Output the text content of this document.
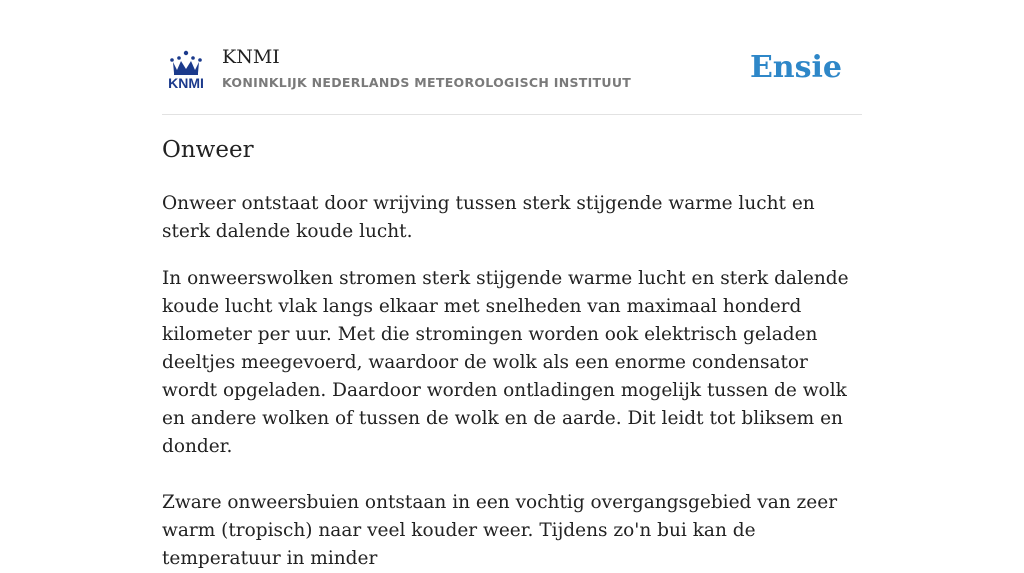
KNMI
KNMI
KONINKLIJK NEDERLANDS METEOROLOGISCH INSTITUUT	Ensie
Onweer

Onweer ontstaat door wrijving tussen sterk stijgende warme lucht en sterk dalende koude lucht.

In onweerswolken stromen sterk stijgende warme lucht en sterk dalende koude lucht vlak langs elkaar met snelheden van maximaal honderd kilometer per uur. Met die stromingen worden ook elektrisch geladen deeltjes meegevoerd, waardoor de wolk als een enorme condensator wordt opgeladen. Daardoor worden ontladingen mogelijk tussen de wolk en andere wolken of tussen de wolk en de aarde. Dit leidt tot bliksem en donder.

Zware onweersbuien ontstaan in een vochtig overgangsgebied van zeer warm (tropisch) naar veel kouder weer. Tijdens zo'n bui kan de temperatuur in minder
